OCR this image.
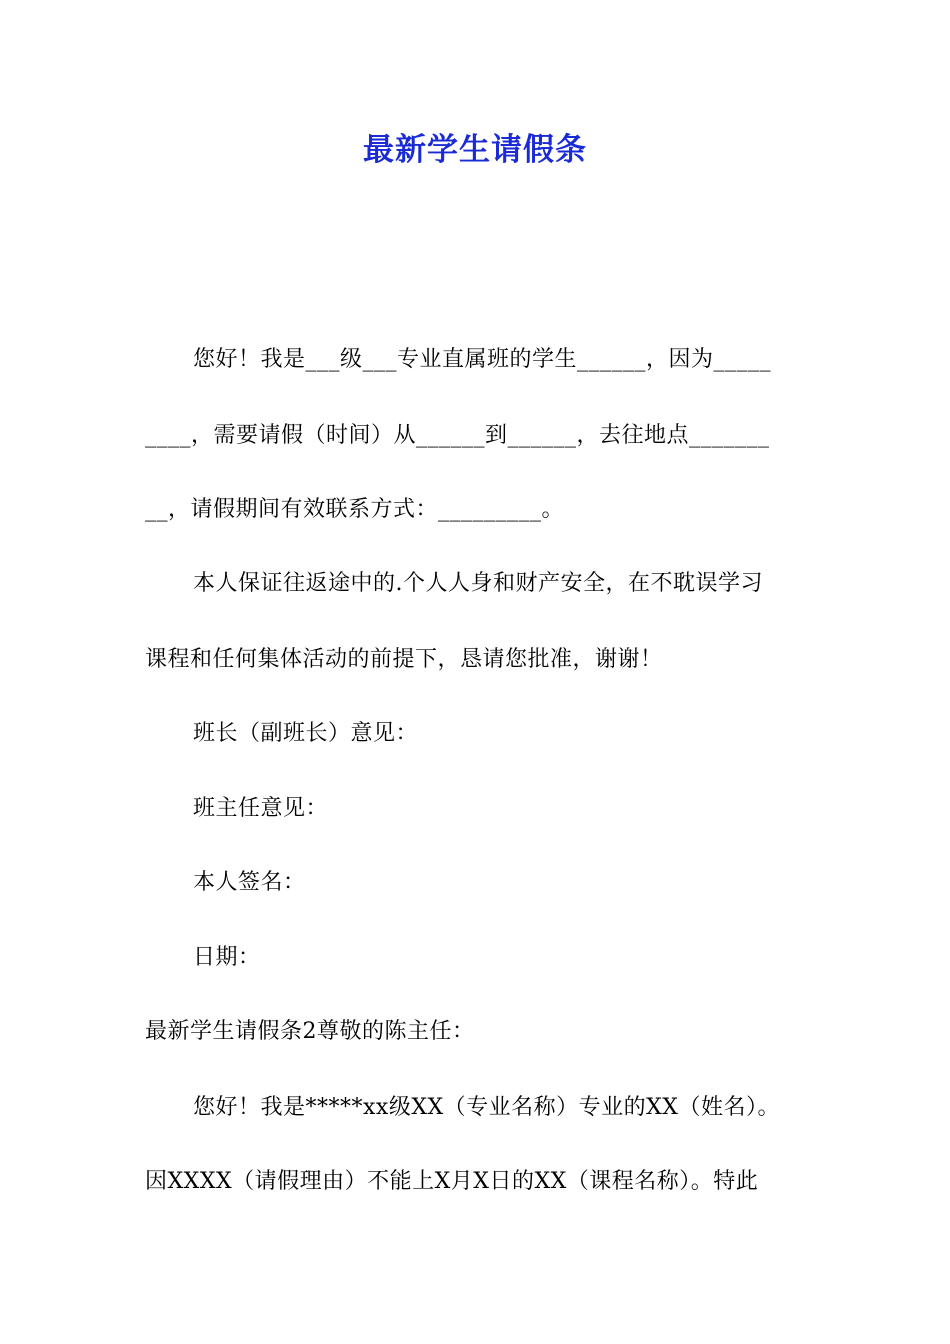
最新学生请假条
您好！我是___级___专业直属班的学生______，因为_____
____，需要请假（时间）从______到______，去往地点_______
__，请假期间有效联系方式：_________。
本人保证往返途中的.个人人身和财产安全，在不耽误学习
课程和任何集体活动的前提下，恳请您批准，谢谢！
班长（副班长）意见：
班主任意见：
本人签名：
日期：
最新学生请假条2尊敬的陈主任：
您好！我是*****xx级XX（专业名称）专业的XX（姓名）。
因XXXX（请假理由）不能上X月X日的XX（课程名称）。特此
